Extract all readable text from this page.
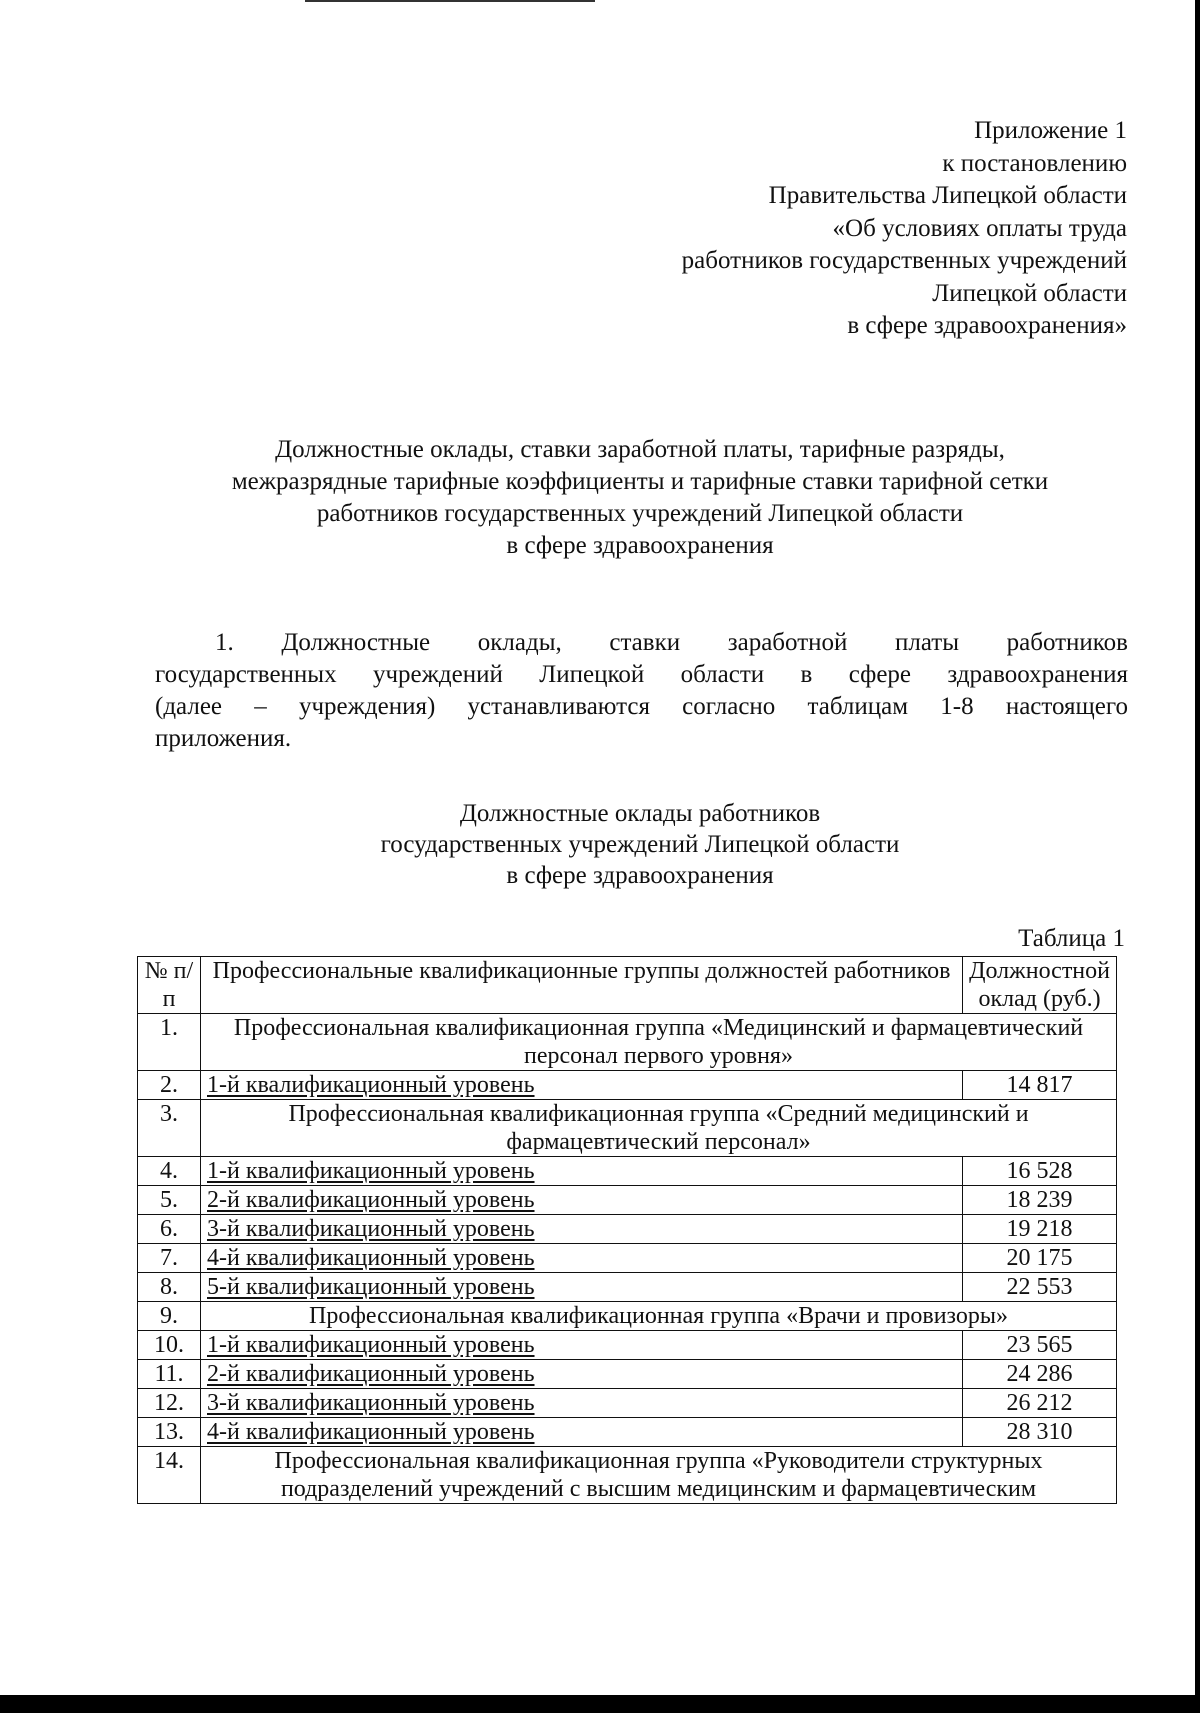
Приложение 1
к постановлению
Правительства Липецкой области
«Об условиях оплаты труда
работников государственных учреждений
Липецкой области
в сфере здравоохранения»
Должностные оклады, ставки заработной платы, тарифные разряды,
межразрядные тарифные коэффициенты и тарифные ставки тарифной сетки
работников государственных учреждений Липецкой области
в сфере здравоохранения
1. Должностные оклады, ставки заработной платы работников
государственных учреждений Липецкой области в сфере здравоохранения
(далее – учреждения) устанавливаются согласно таблицам 1-8 настоящего
приложения.
Должностные оклады работников
государственных учреждений Липецкой области
в сфере здравоохранения
Таблица 1
№ п/п	Профессиональные квалификационные группы должностей работников	Должностной оклад (руб.)
1.	Профессиональная квалификационная группа «Медицинский и фармацевтический персонал первого уровня»	
2.	1-й квалификационный уровень	14 817
3.	Профессиональная квалификационная группа «Средний медицинский и фармацевтический персонал»	
4.	1-й квалификационный уровень	16 528
5.	2-й квалификационный уровень	18 239
6.	3-й квалификационный уровень	19 218
7.	4-й квалификационный уровень	20 175
8.	5-й квалификационный уровень	22 553
9.	Профессиональная квалификационная группа «Врачи и провизоры»	
10.	1-й квалификационный уровень	23 565
11.	2-й квалификационный уровень	24 286
12.	3-й квалификационный уровень	26 212
13.	4-й квалификационный уровень	28 310
14.	Профессиональная квалификационная группа «Руководители структурных подразделений учреждений с высшим медицинским и фармацевтическим	
